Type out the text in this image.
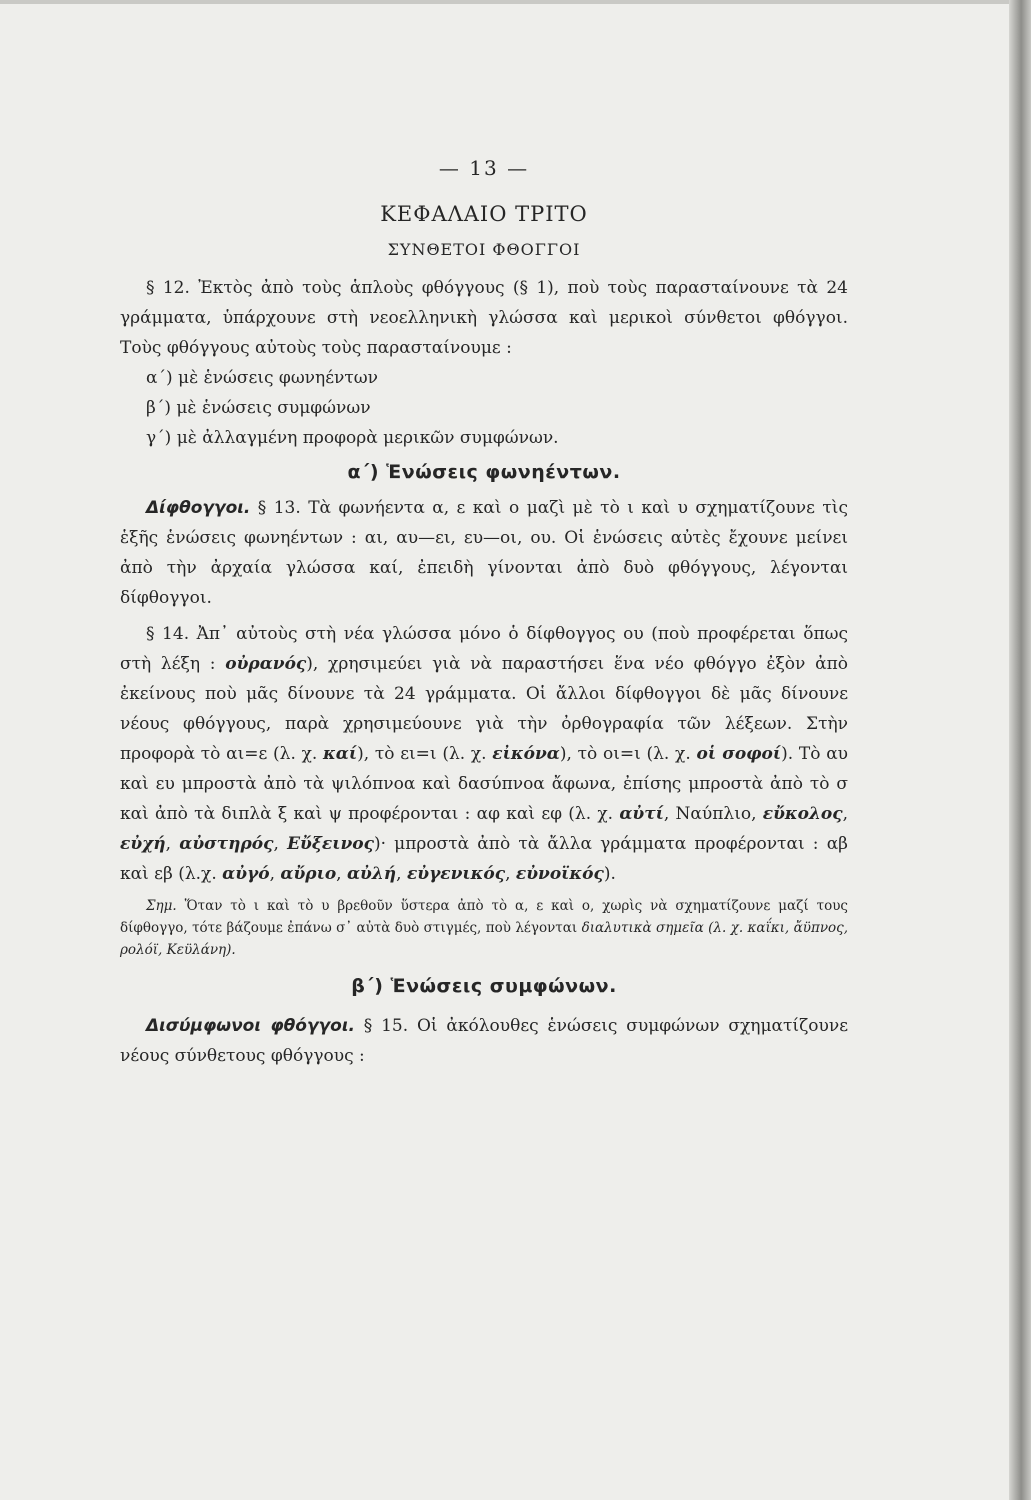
— 13 —
ΚΕΦΑΛΑΙΟ ΤΡΙΤΟ
ΣΥΝΘΕΤΟΙ ΦΘΟΓΓΟΙ

§ 12. Ἐκτὸς ἀπὸ τοὺς ἁπλοὺς φθόγγους (§ 1), ποὺ τοὺς παρασταίνουνε τὰ 24 γράμματα, ὑπάρχουνε στὴ νεοελληνικὴ γλώσσα καὶ μερικοὶ σύνθετοι φθόγγοι. Τοὺς φθόγγους αὐτοὺς τοὺς παρασταίνουμε :

α΄) μὲ ἑνώσεις φωνηέντων
β΄) μὲ ἑνώσεις συμφώνων
γ΄) μὲ ἀλλαγμένη προφορὰ μερικῶν συμφώνων.
α΄) Ἑνώσεις φωνηέντων.

Δίφθογγοι. § 13. Τὰ φωνήεντα α, ε καὶ ο μαζὶ μὲ τὸ ι καὶ υ σχηματίζουνε τὶς ἑξῆς ἑνώσεις φωνηέντων : αι, αυ—ει, ευ—οι, ου. Οἱ ἑνώσεις αὐτὲς ἔχουνε μείνει ἀπὸ τὴν ἀρχαία γλώσσα καί, ἐπειδὴ γίνονται ἀπὸ δυὸ φθόγγους, λέγονται δίφθογγοι.

§ 14. Ἀπ᾽ αὐτοὺς στὴ νέα γλώσσα μόνο ὁ δίφθογγος ου (ποὺ προφέρεται ὅπως στὴ λέξη : οὐρανός), χρησιμεύει γιὰ νὰ παραστήσει ἕνα νέο φθόγγο ἐξὸν ἀπὸ ἐκείνους ποὺ μᾶς δίνουνε τὰ 24 γράμματα. Οἱ ἄλλοι δίφθογγοι δὲ μᾶς δίνουνε νέους φθόγγους, παρὰ χρησιμεύουνε γιὰ τὴν ὀρθογραφία τῶν λέξεων. Στὴν προφορὰ τὸ αι=ε (λ. χ. καί), τὸ ει=ι (λ. χ. εἰκόνα), τὸ οι=ι (λ. χ. οἱ σοφοί). Τὸ αυ καὶ ευ μπροστὰ ἀπὸ τὰ ψιλόπνοα καὶ δασύπνοα ἄφωνα, ἐπίσης μπροστὰ ἀπὸ τὸ σ καὶ ἀπὸ τὰ διπλὰ ξ καὶ ψ προφέρονται : αφ καὶ εφ (λ. χ. αὐτί, Ναύπλιο, εὔκολος, εὐχή, αὐστηρός, Εὔξεινος)· μπροστὰ ἀπὸ τὰ ἄλλα γράμματα προφέρονται : αβ καὶ εβ (λ.χ. αὐγό, αὔριο, αὐλή, εὐγενικός, εὐνοϊκός).

Σημ. Ὅταν τὸ ι καὶ τὸ υ βρεθοῦν ὕστερα ἀπὸ τὸ α, ε καὶ ο, χωρὶς νὰ σχηματίζουνε μαζί τους δίφθογγο, τότε βάζουμε ἐπάνω σ᾽ αὐτὰ δυὸ στιγμές, ποὺ λέγονται διαλυτικὰ σημεῖα (λ. χ. καΐκι, ἄϋπνος, ρολόϊ, Κεϋλάνη).

β΄) Ἑνώσεις συμφώνων.

Δισύμφωνοι φθόγγοι. § 15. Οἱ ἀκόλουθες ἑνώσεις συμφώνων σχηματίζουνε νέους σύνθετους φθόγγους :
